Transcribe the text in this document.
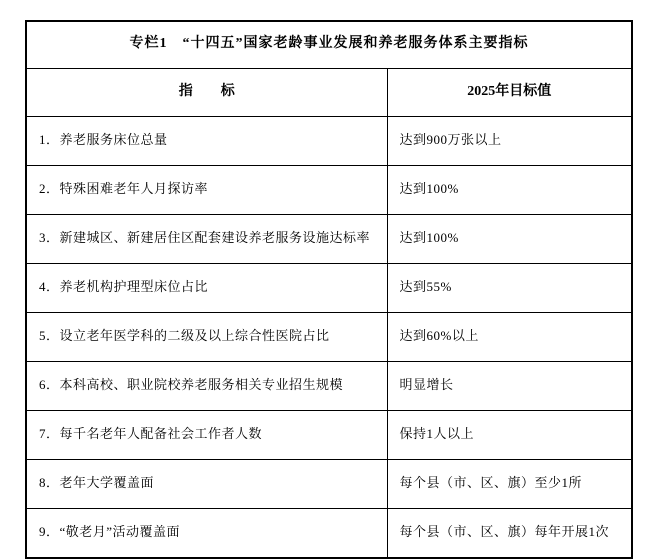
专栏1　“十四五”国家老龄事业发展和养老服务体系主要指标	
指　　标	2025年目标值
1．养老服务床位总量	达到900万张以上
2．特殊困难老年人月探访率	达到100%
3．新建城区、新建居住区配套建设养老服务设施达标率	达到100%
4．养老机构护理型床位占比	达到55%
5．设立老年医学科的二级及以上综合性医院占比	达到60%以上
6．本科高校、职业院校养老服务相关专业招生规模	明显增长
7．每千名老年人配备社会工作者人数	保持1人以上
8．老年大学覆盖面	每个县（市、区、旗）至少1所
9．“敬老月”活动覆盖面	每个县（市、区、旗）每年开展1次
